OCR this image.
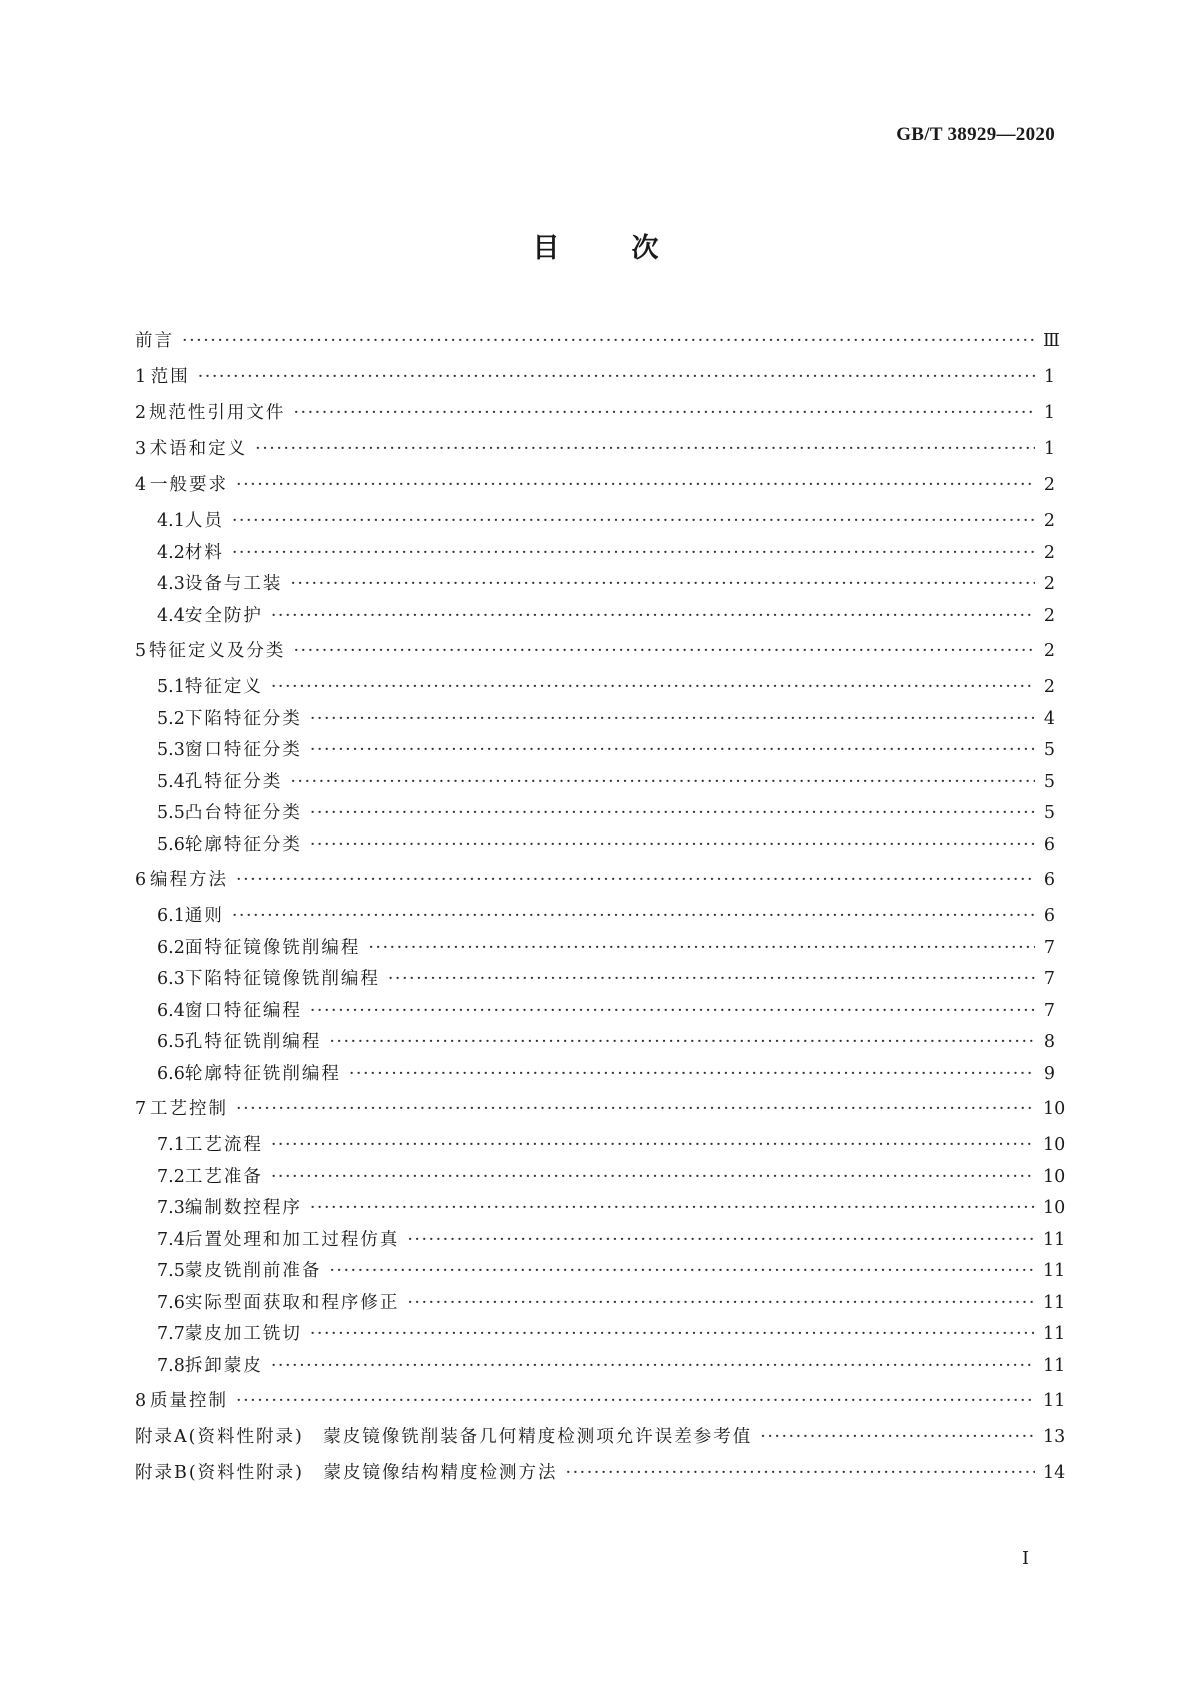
GB/T 38929—2020
目	次
前言 ·····	Ⅲ
1 范围 ·····	1
2 规范性引用文件 ·····	1
3 术语和定义 ·····	1
4 一般要求 ·····	2
4.1 人员 ·····	2
4.2 材料 ·····	2
4.3 设备与工装 ·····	2
4.4 安全防护 ·····	2
5 特征定义及分类 ·····	2
5.1 特征定义 ·····	2
5.2 下陷特征分类 ·····	4
5.3 窗口特征分类 ·····	5
5.4 孔特征分类 ·····	5
5.5 凸台特征分类 ·····	5
5.6 轮廓特征分类 ·····	6
6 编程方法 ·····	6
6.1 通则 ·····	6
6.2 面特征镜像铣削编程 ·····	7
6.3 下陷特征镜像铣削编程 ·····	7
6.4 窗口特征编程 ·····	7
6.5 孔特征铣削编程 ·····	8
6.6 轮廓特征铣削编程 ·····	9
7 工艺控制 ·····	10
7.1 工艺流程 ·····	10
7.2 工艺准备 ·····	10
7.3 编制数控程序 ·····	10
7.4 后置处理和加工过程仿真 ·····	11
7.5 蒙皮铣削前准备 ·····	11
7.6 实际型面获取和程序修正 ·····	11
7.7 蒙皮加工铣切 ·····	11
7.8 拆卸蒙皮 ·····	11
8 质量控制 ·····	11
附录A(资料性附录)　蒙皮镜像铣削装备几何精度检测项允许误差参考值 ·····	13
附录B(资料性附录)　蒙皮镜像结构精度检测方法 ·····	14
I
